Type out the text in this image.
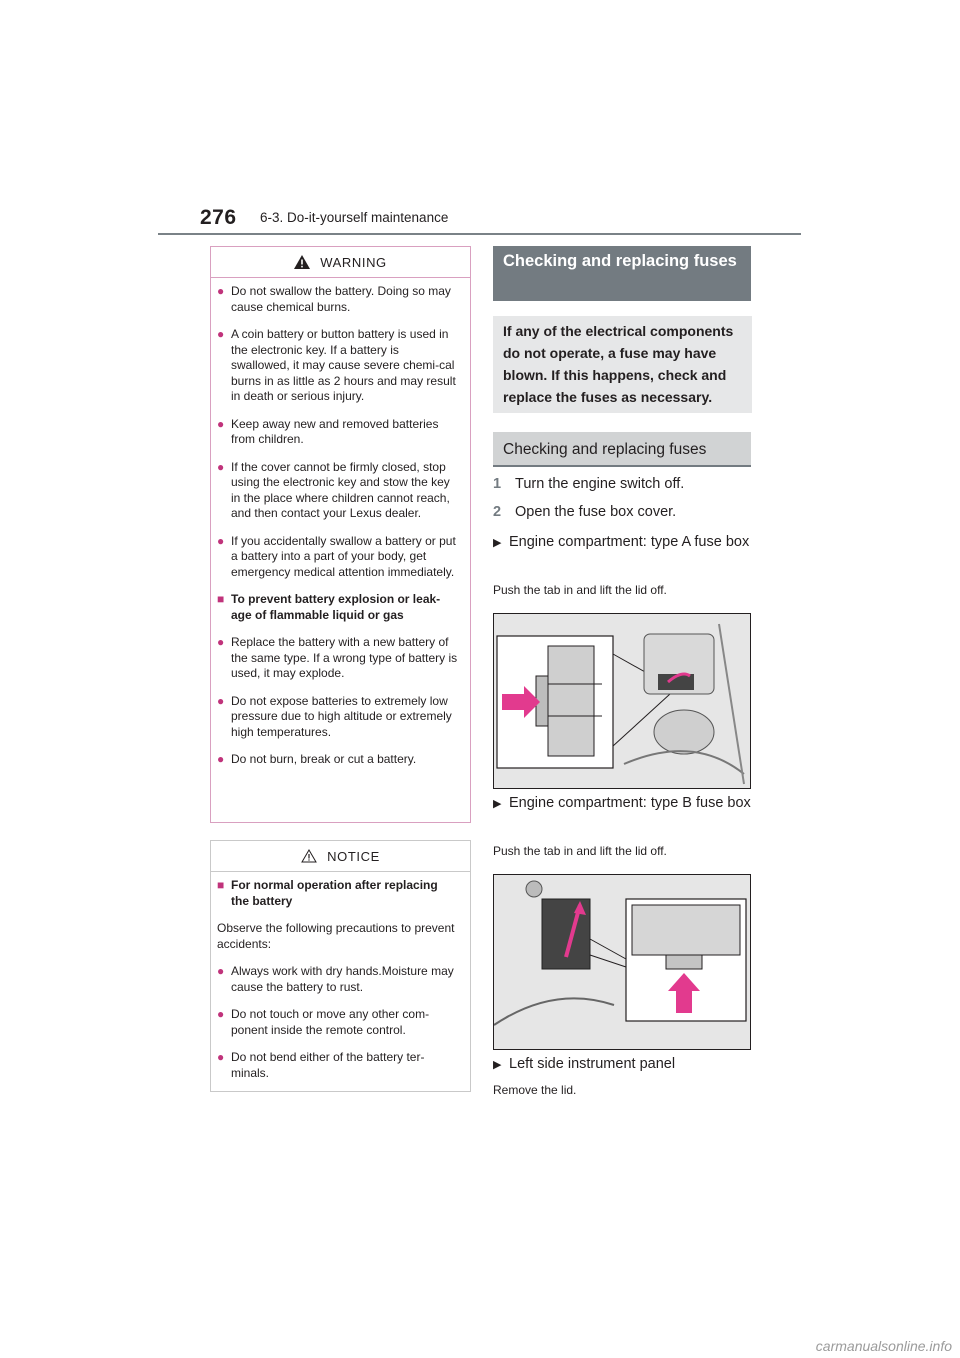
276 6-3. Do-it-yourself maintenance
WARNING
● Do not swallow the battery. Doing so may cause chemical burns.
● A coin battery or button battery is used in the electronic key. If a battery is swallowed, it may cause severe chemi-cal burns in as little as 2 hours and may result in death or serious injury.
● Keep away new and removed batteries from children.
● If the cover cannot be firmly closed, stop using the electronic key and stow the key in the place where children cannot reach, and then contact your Lexus dealer.
● If you accidentally swallow a battery or put a battery into a part of your body, get emergency medical attention immediately.
■ To prevent battery explosion or leak-age of flammable liquid or gas
● Replace the battery with a new battery of the same type. If a wrong type of battery is used, it may explode.
● Do not expose batteries to extremely low pressure due to high altitude or extremely high temperatures.
● Do not burn, break or cut a battery.
NOTICE
■ For normal operation after replacing the battery

Observe the following precautions to prevent accidents:

● Always work with dry hands.Moisture may cause the battery to rust.
● Do not touch or move any other com-ponent inside the remote control.
● Do not bend either of the battery ter-minals.
Checking and replacing fuses
If any of the electrical components do not operate, a fuse may have blown. If this happens, check and replace the fuses as necessary.
Checking and replacing fuses
1 Turn the engine switch off.
2 Open the fuse box cover.
▶ Engine compartment: type A fuse box
Push the tab in and lift the lid off.
▶ Engine compartment: type B fuse box
Push the tab in and lift the lid off.
▶ Left side instrument panel
Remove the lid.
carmanualsonline.info
